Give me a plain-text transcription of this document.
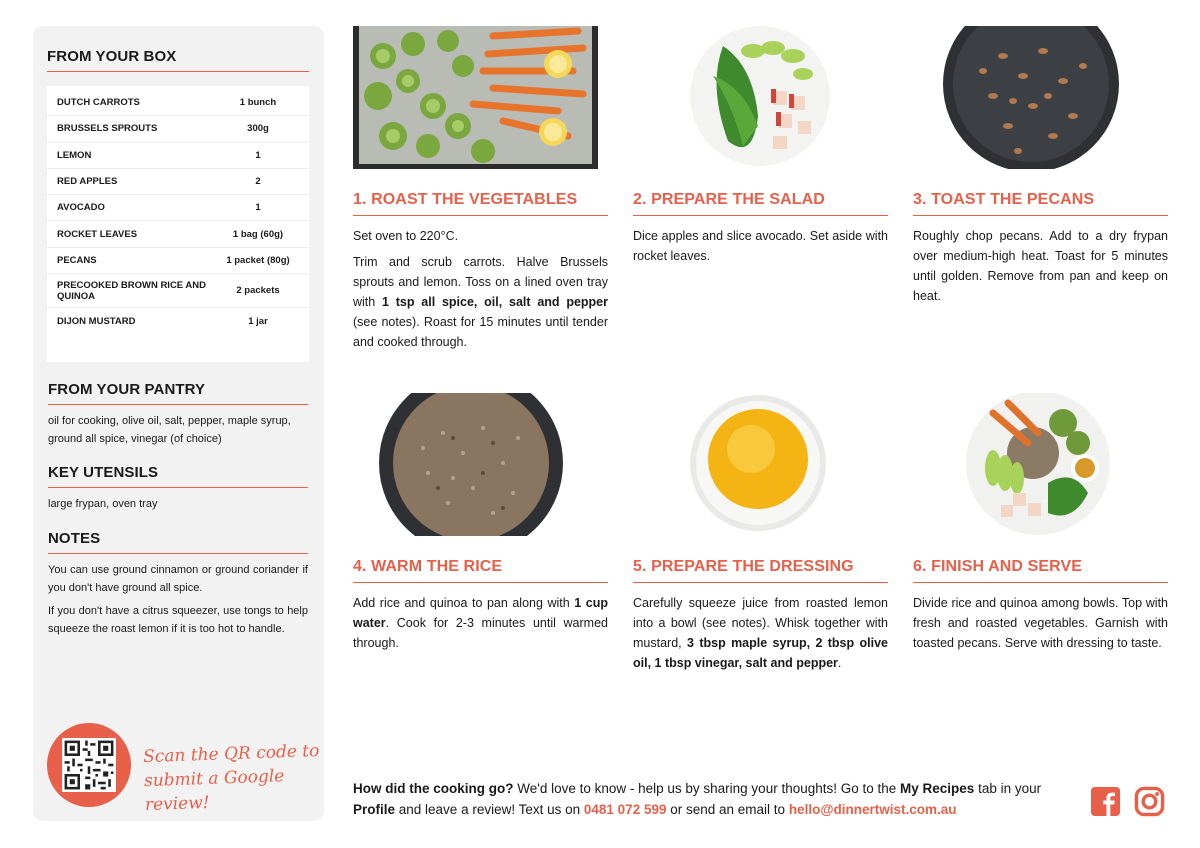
FROM YOUR BOX
DUTCH CARROTS	1 bunch
BRUSSELS SPROUTS	300g
LEMON	1
RED APPLES	2
AVOCADO	1
ROCKET LEAVES	1 bag (60g)
PECANS	1 packet (80g)
PRECOOKED BROWN RICE AND QUINOA	2 packets
DIJON MUSTARD	1 jar
FROM YOUR PANTRY
oil for cooking, olive oil, salt, pepper, maple syrup, ground all spice, vinegar (of choice)
KEY UTENSILS
large frypan, oven tray
NOTES
You can use ground cinnamon or ground coriander if you don't have ground all spice.
If you don't have a citrus squeezer, use tongs to help squeeze the roast lemon if it is too hot to handle.
Scan the QR code to
submit a Google review!
1. ROAST THE VEGETABLES

Set oven to 220°C.

Trim and scrub carrots. Halve Brussels sprouts and lemon. Toss on a lined oven tray with 1 tsp all spice, oil, salt and pepper (see notes). Roast for 15 minutes until tender and cooked through.

2. PREPARE THE SALAD

Dice apples and slice avocado. Set aside with rocket leaves.

3. TOAST THE PECANS

Roughly chop pecans. Add to a dry frypan over medium-high heat. Toast for 5 minutes until golden. Remove from pan and keep on heat.

4. WARM THE RICE

Add rice and quinoa to pan along with 1 cup water. Cook for 2-3 minutes until warmed through.

5. PREPARE THE DRESSING

Carefully squeeze juice from roasted lemon into a bowl (see notes). Whisk together with mustard, 3 tbsp maple syrup, 2 tbsp olive oil, 1 tbsp vinegar, salt and pepper.

6. FINISH AND SERVE

Divide rice and quinoa among bowls. Top with fresh and roasted vegetables. Garnish with toasted pecans. Serve with dressing to taste.

How did the cooking go? We'd love to know - help us by sharing your thoughts! Go to the My Recipes tab in your Profile and leave a review! Text us on 0481 072 599 or send an email to hello@dinnertwist.com.au
